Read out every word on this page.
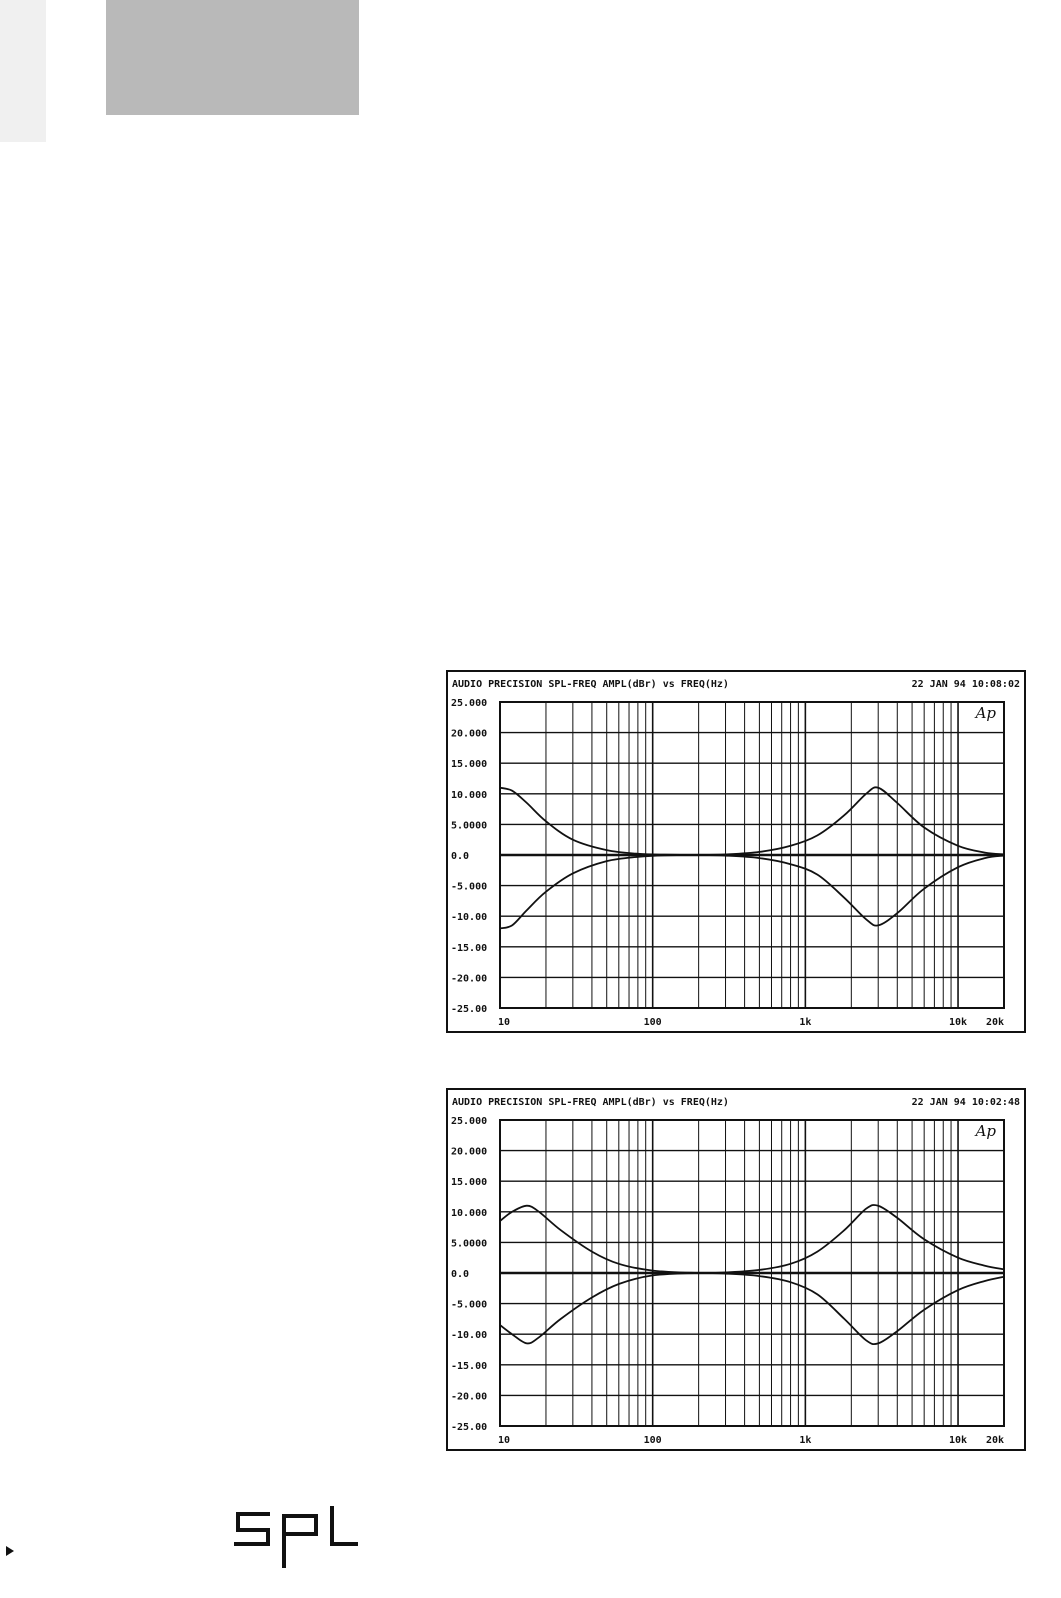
AUDIO PRECISION SPL-FREQ AMPL(dBr) vs FREQ(Hz)	22 JAN 94 10:08:02
25.000
20.000
15.000
10.000
5.0000
0.0
-5.000
-10.00
-15.00
-20.00
-25.00
10	100	1k	10k 20k
Ap
AUDIO PRECISION SPL-FREQ AMPL(dBr) vs FREQ(Hz)	22 JAN 94 10:02:48
25.000
20.000
15.000
10.000
5.0000
0.0
-5.000
-10.00
-15.00
-20.00
-25.00
10	100	1k	10k 20k
Ap
